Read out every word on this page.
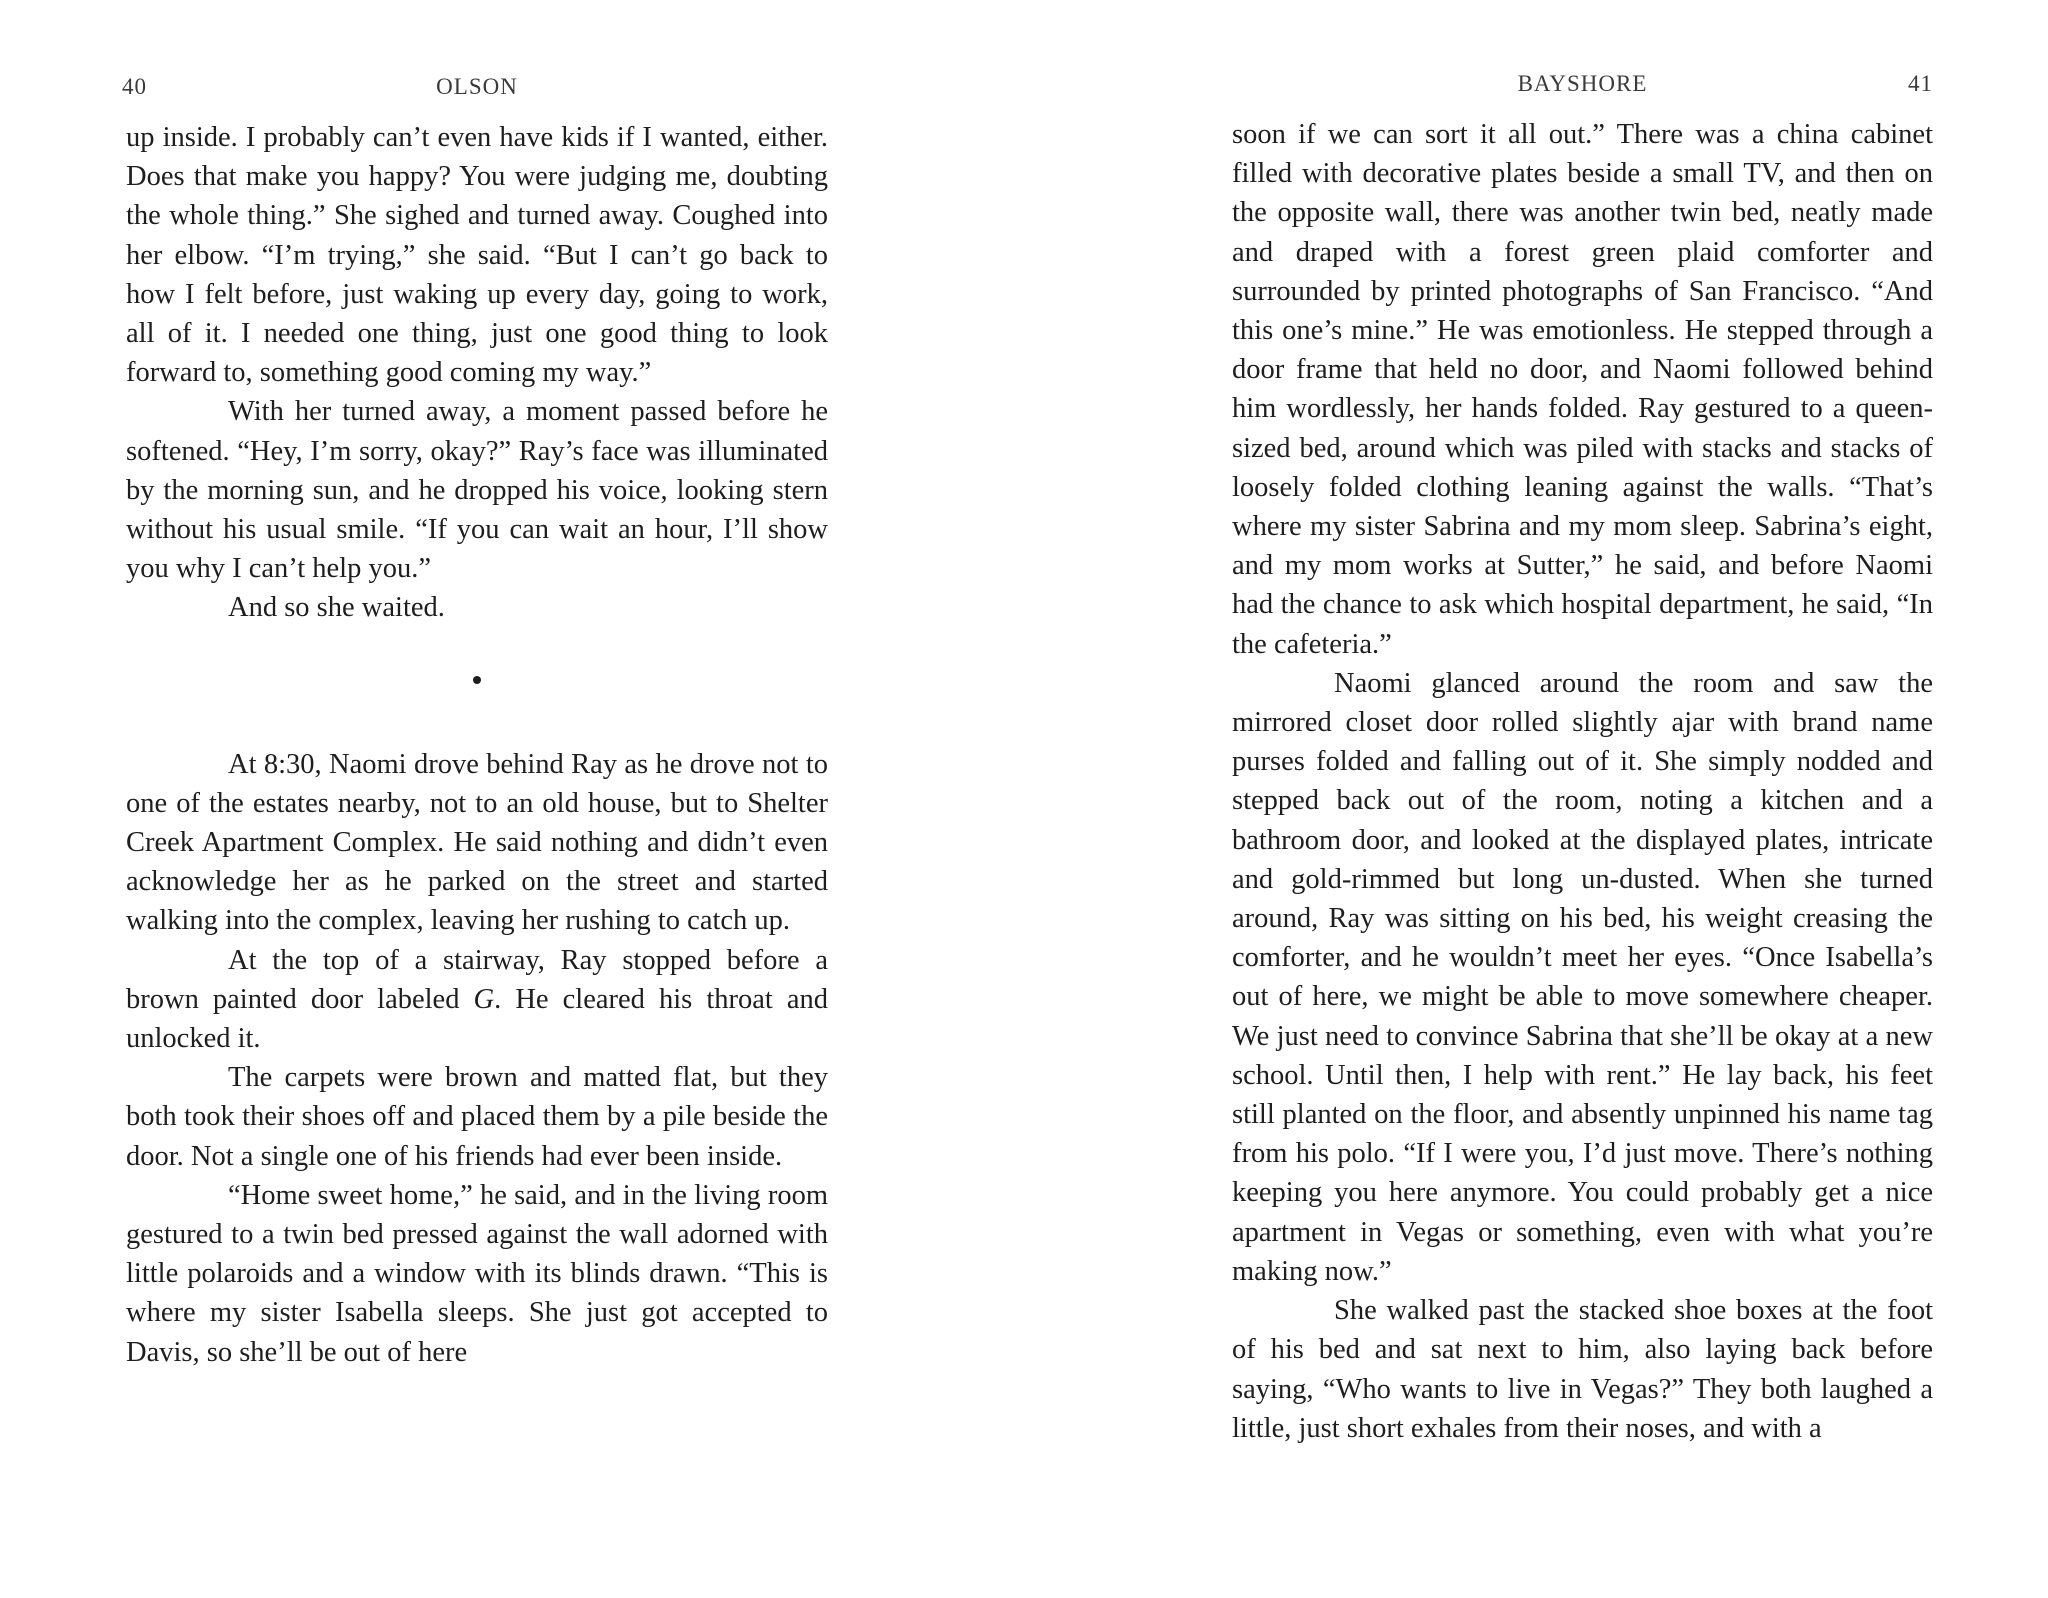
40	OLSON

up inside. I probably can’t even have kids if I wanted, either. Does that make you happy? You were judging me, doubting the whole thing.” She sighed and turned away. Coughed into her elbow. “I’m trying,” she said. “But I can’t go back to how I felt before, just waking up every day, going to work, all of it. I needed one thing, just one good thing to look forward to, something good coming my way.”

With her turned away, a moment passed before he softened. “Hey, I’m sorry, okay?” Ray’s face was illuminated by the morning sun, and he dropped his voice, looking stern without his usual smile. “If you can wait an hour, I’ll show you why I can’t help you.”

And so she waited.

At 8:30, Naomi drove behind Ray as he drove not to one of the estates nearby, not to an old house, but to Shelter Creek Apartment Complex. He said nothing and didn’t even acknowledge her as he parked on the street and started walking into the complex, leaving her rushing to catch up.

At the top of a stairway, Ray stopped before a brown painted door labeled G. He cleared his throat and unlocked it.

The carpets were brown and matted flat, but they both took their shoes off and placed them by a pile beside the door. Not a single one of his friends had ever been inside.

“Home sweet home,” he said, and in the living room gestured to a twin bed pressed against the wall adorned with little polaroids and a window with its blinds drawn. “This is where my sister Isabella sleeps. She just got accepted to Davis, so she’ll be out of here

BAYSHORE	41

soon if we can sort it all out.” There was a china cabinet filled with decorative plates beside a small TV, and then on the opposite wall, there was another twin bed, neatly made and draped with a forest green plaid comforter and surrounded by printed photographs of San Francisco. “And this one’s mine.” He was emotionless. He stepped through a door frame that held no door, and Naomi followed behind him wordlessly, her hands folded. Ray gestured to a queen-sized bed, around which was piled with stacks and stacks of loosely folded clothing leaning against the walls. “That’s where my sister Sabrina and my mom sleep. Sabrina’s eight, and my mom works at Sutter,” he said, and before Naomi had the chance to ask which hospital department, he said, “In the cafeteria.”

Naomi glanced around the room and saw the mirrored closet door rolled slightly ajar with brand name purses folded and falling out of it. She simply nodded and stepped back out of the room, noting a kitchen and a bathroom door, and looked at the displayed plates, intricate and gold-rimmed but long un-dusted. When she turned around, Ray was sitting on his bed, his weight creasing the comforter, and he wouldn’t meet her eyes. “Once Isabella’s out of here, we might be able to move somewhere cheaper. We just need to convince Sabrina that she’ll be okay at a new school. Until then, I help with rent.” He lay back, his feet still planted on the floor, and absently unpinned his name tag from his polo. “If I were you, I’d just move. There’s nothing keeping you here anymore. You could probably get a nice apartment in Vegas or something, even with what you’re making now.”

She walked past the stacked shoe boxes at the foot of his bed and sat next to him, also laying back before saying, “Who wants to live in Vegas?” They both laughed a little, just short exhales from their noses, and with a
